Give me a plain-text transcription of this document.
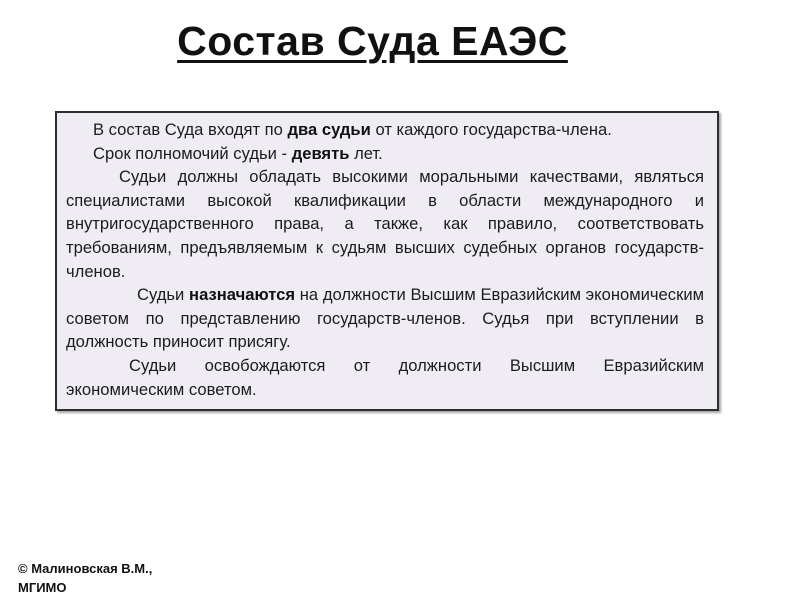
Состав Суда ЕАЭС

В состав Суда входят по два судьи от каждого государства-члена.

Срок полномочий судьи - девять лет.

Судьи должны обладать высокими моральными качествами, являться специалистами высокой квалификации в области международного и внутригосударственного права, а также, как правило, соответствовать требованиям, предъявляемым к судьям высших судебных органов государств-членов.

Судьи назначаются на должности Высшим Евразийским экономическим советом по представлению государств-членов. Судья при вступлении в должность приносит присягу.

Судьи освобождаются от должности Высшим Евразийским экономическим советом.

© Малиновская В.М.,
МГИМО
